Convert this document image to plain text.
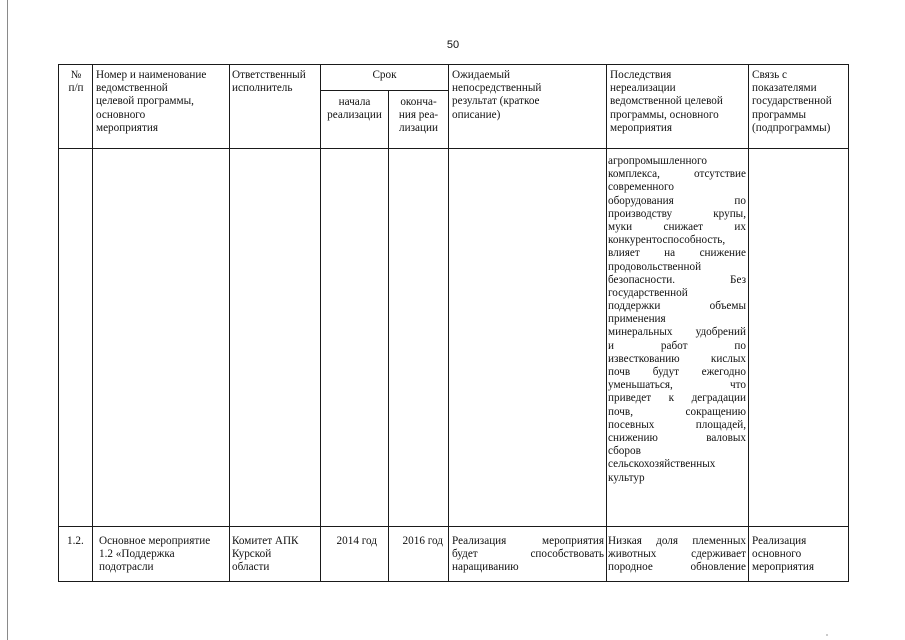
50
№
п/п
Номер и наименование
ведомственной
целевой программы,
основного
мероприятия
Ответственный
исполнитель
Срок
начала
реализации
оконча-
ния реа-
лизации
Ожидаемый
непосредственный
результат (краткое
описание)
Последствия
нереализации
ведомственной целевой
программы, основного
мероприятия
Связь с
показателями
государственной
программы
(подпрограммы)
агропромышленного
комплекса, отсутствие
современного
оборудования по
производству крупы,
муки снижает их
конкурентоспособность,
влияет на снижение
продовольственной
безопасности. Без
государственной
поддержки объемы
применения
минеральных удобрений
и работ по
известкованию кислых
почв будут ежегодно
уменьшаться, что
приведет к деградации
почв, сокращению
посевных площадей,
снижению валовых
сборов
сельскохозяйственных
культур
1.2.	Основное мероприятие
1.2 «Поддержка
подотрасли
Комитет АПК
Курской
области
2014 год	2016 год Реализация мероприятия
будет способствовать
наращиванию
Низкая доля племенных
животных сдерживает
породное обновление
Реализация
основного
мероприятия
